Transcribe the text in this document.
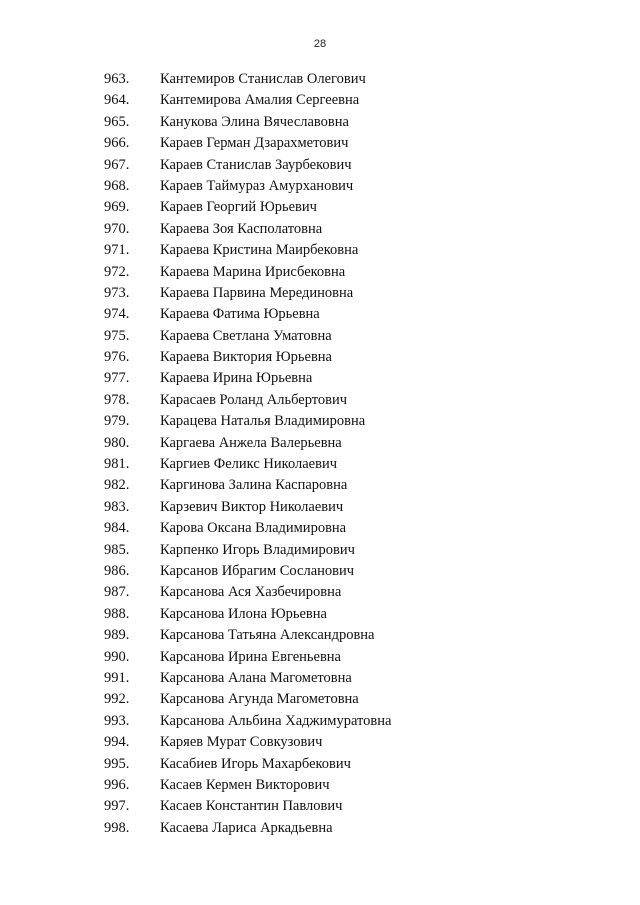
28
963. Кантемиров Станислав Олегович
964. Кантемирова Амалия Сергеевна
965. Канукова Элина Вячеславовна
966. Караев Герман Дзарахметович
967. Караев Станислав Заурбекович
968. Караев Таймураз Амурханович
969. Караев Георгий Юрьевич
970. Караева Зоя Касполатовна
971. Караева Кристина Маирбековна
972. Караева Марина Ирисбековна
973. Караева Парвина Мерединовна
974. Караева Фатима Юрьевна
975. Караева Светлана Уматовна
976. Караева Виктория Юрьевна
977. Караева Ирина Юрьевна
978. Карасаев Роланд Альбертович
979. Карацева Наталья Владимировна
980. Каргаева Анжела Валерьевна
981. Каргиев Феликс Николаевич
982. Каргинова Залина Каспаровна
983. Карзевич Виктор Николаевич
984. Карова Оксана Владимировна
985. Карпенко Игорь Владимирович
986. Карсанов Ибрагим Сосланович
987. Карсанова Ася Хазбечировна
988. Карсанова Илона Юрьевна
989. Карсанова Татьяна Александровна
990. Карсанова Ирина Евгеньевна
991. Карсанова Алана Магометовна
992. Карсанова Агунда Магометовна
993. Карсанова Альбина Хаджимуратовна
994. Каряев Мурат Совкузович
995. Касабиев Игорь Махарбекович
996. Касаев Кермен Викторович
997. Касаев Константин Павлович
998. Касаева Лариса Аркадьевна
